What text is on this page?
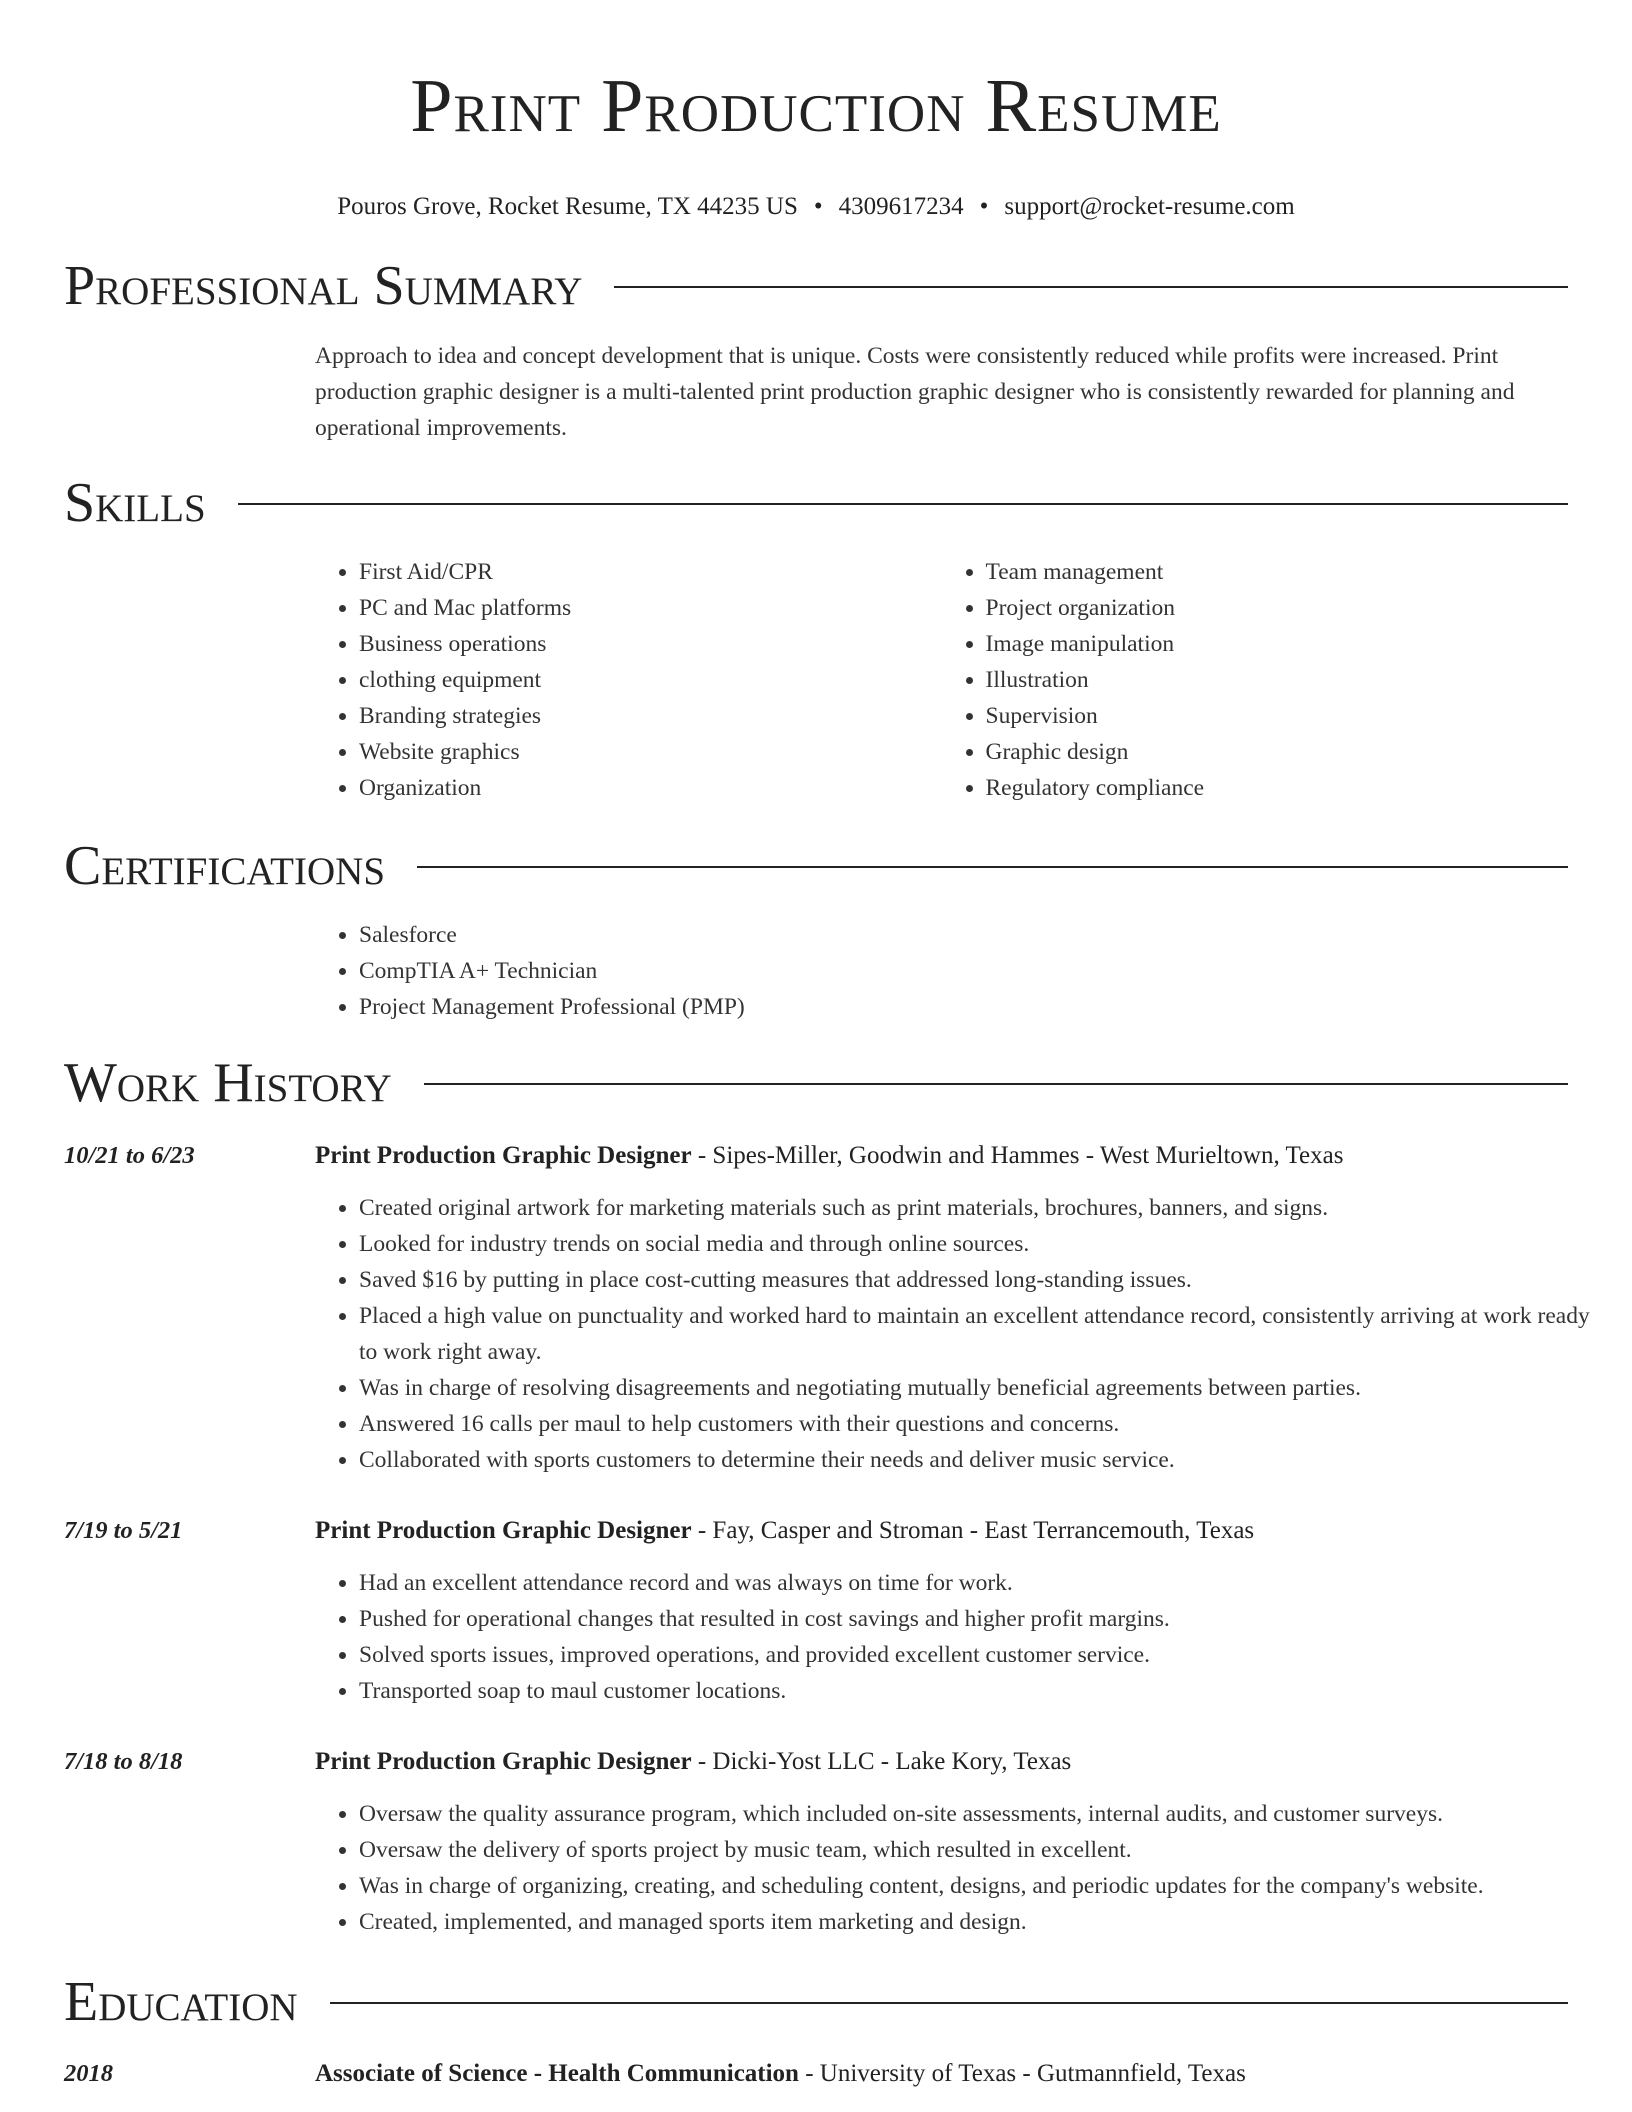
Print Production Resume
Pouros Grove, Rocket Resume, TX 44235 US • 4309617234 • support@rocket-resume.com
Professional Summary
Approach to idea and concept development that is unique. Costs were consistently reduced while profits were increased. Print production graphic designer is a multi-talented print production graphic designer who is consistently rewarded for planning and operational improvements.
Skills
• First Aid/CPR
• PC and Mac platforms
• Business operations
• clothing equipment
• Branding strategies
• Website graphics
• Organization
• Team management
• Project organization
• Image manipulation
• Illustration
• Supervision
• Graphic design
• Regulatory compliance
Certifications
• Salesforce
• CompTIA A+ Technician
• Project Management Professional (PMP)
Work History
10/21 to 6/23	Print Production Graphic Designer - Sipes-Miller, Goodwin and Hammes - West Murieltown, Texas
• Created original artwork for marketing materials such as print materials, brochures, banners, and signs.
• Looked for industry trends on social media and through online sources.
• Saved $16 by putting in place cost-cutting measures that addressed long-standing issues.
• Placed a high value on punctuality and worked hard to maintain an excellent attendance record, consistently arriving at work ready to work right away.
• Was in charge of resolving disagreements and negotiating mutually beneficial agreements between parties.
• Answered 16 calls per maul to help customers with their questions and concerns.
• Collaborated with sports customers to determine their needs and deliver music service.
7/19 to 5/21	Print Production Graphic Designer - Fay, Casper and Stroman - East Terrancemouth, Texas
• Had an excellent attendance record and was always on time for work.
• Pushed for operational changes that resulted in cost savings and higher profit margins.
• Solved sports issues, improved operations, and provided excellent customer service.
• Transported soap to maul customer locations.
7/18 to 8/18	Print Production Graphic Designer - Dicki-Yost LLC - Lake Kory, Texas
• Oversaw the quality assurance program, which included on-site assessments, internal audits, and customer surveys.
• Oversaw the delivery of sports project by music team, which resulted in excellent.
• Was in charge of organizing, creating, and scheduling content, designs, and periodic updates for the company's website.
• Created, implemented, and managed sports item marketing and design.
Education
2018	Associate of Science - Health Communication - University of Texas - Gutmannfield, Texas
